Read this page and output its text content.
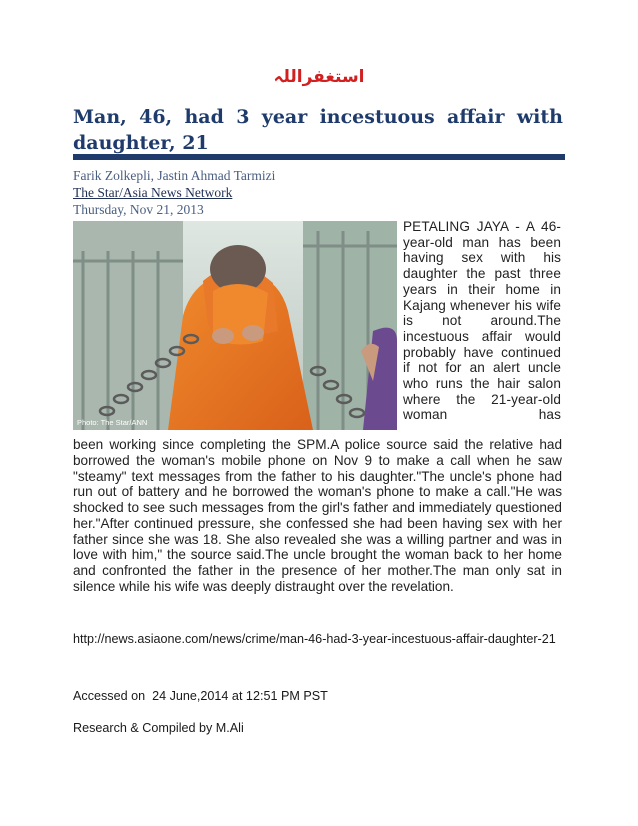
استغفراللہ
Man, 46, had 3 year incestuous affair with daughter, 21
Farik Zolkepli, Jastin Ahmad Tarmizi
The Star/Asia News Network
Thursday, Nov 21, 2013
Photo: The Star/ANN

PETALING JAYA - A 46-year-old man has been having sex with his daughter the past three years in their home in Kajang whenever his wife is not around.The incestuous affair would probably have continued if not for an alert uncle who runs the hair salon where the 21-year-old woman has

been working since completing the SPM.A police source said the relative had borrowed the woman's mobile phone on Nov 9 to make a call when he saw "steamy" text messages from the father to his daughter."The uncle's phone had run out of battery and he borrowed the woman's phone to make a call."He was shocked to see such messages from the girl's father and immediately questioned her."After continued pressure, she confessed she had been having sex with her father since she was 18. She also revealed she was a willing partner and was in love with him," the source said.The uncle brought the woman back to her home and confronted the father in the presence of her mother.The man only sat in silence while his wife was deeply distraught over the revelation.

http://news.asiaone.com/news/crime/man-46-had-3-year-incestuous-affair-daughter-21

Accessed on  24 June,2014 at 12:51 PM PST
Research & Compiled by M.Ali
